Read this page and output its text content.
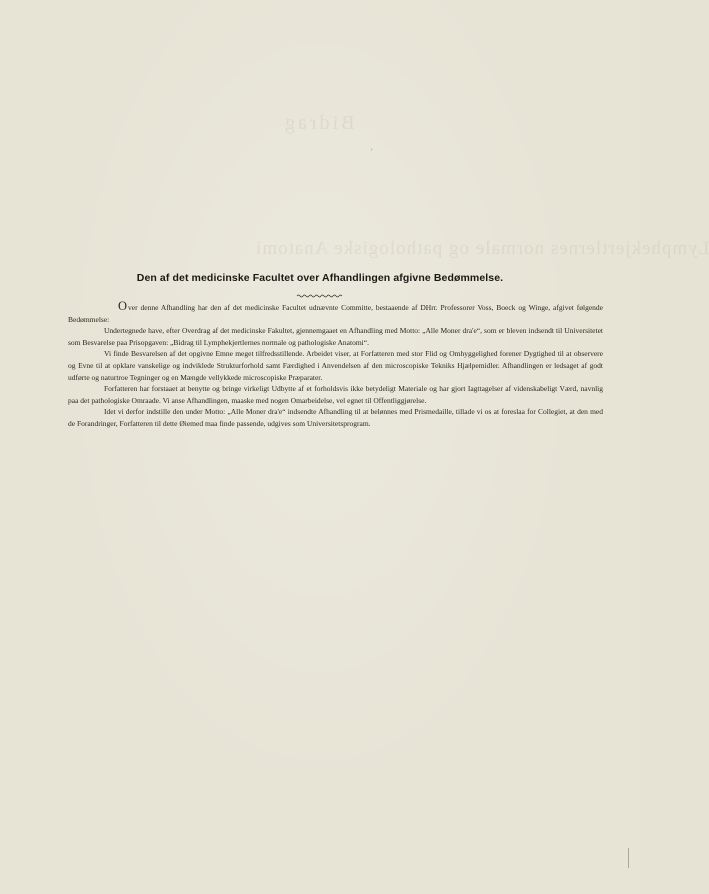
Bidrag
Lymphekjertlernes normale og pathologiske Anatomi
ʾ
Den af det medicinske Facultet over Afhandlingen afgivne Bedømmelse.

Over denne Afhandling har den af det medicinske Facultet udnævnte Committe, bestaaende af DHrr. Professorer Voss, Boeck og Winge, afgivet følgende Bedømmelse:

Undertegnede have, efter Overdrag af det medicinske Fakultet, gjennemgaaet en Afhandling med Motto: „Alle Moner dra'e“, som er bleven indsendt til Universitetet som Besvarelse paa Prisopgaven: „Bidrag til Lymphekjertlernes normale og pathologiske Anatomi“.

Vi finde Besvarelsen af det opgivne Emne meget tilfredsstillende. Arbeidet viser, at Forfatteren med stor Flid og Omhyggelighed forener Dygtighed til at observere og Evne til at opklare vanskelige og indviklede Strukturforhold samt Færdighed i Anvendelsen af den microscopiske Tekniks Hjælpemidler. Afhandlingen er ledsaget af godt udførte og naturtroe Tegninger og en Mængde vellykkede microscopiske Præparater.

Forfatteren har forstaaet at benytte og bringe virkeligt Udbytte af et forholdsvis ikke betydeligt Materiale og har gjort Iagttagelser af videnskabeligt Værd, navnlig paa det pathologiske Omraade. Vi anse Afhandlingen, maaske med nogen Omarbeidelse, vel egnet til Offentliggjørelse.

Idet vi derfor indstille den under Motto: „Alle Moner dra'e“ indsendte Afhandling til at belønnes med Prismedaille, tillade vi os at foreslaa for Collegiet, at den med de Forandringer, Forfatteren til dette Øiemed maa finde passende, udgives som Universitetsprogram.
